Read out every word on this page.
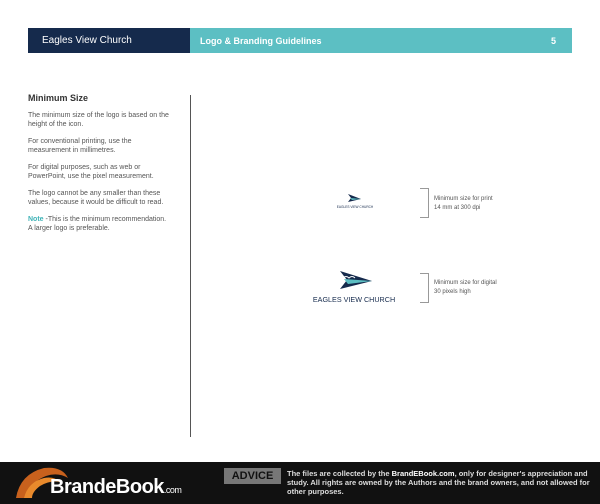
Eagles View Church	Logo & Branding Guidelines	5
Minimum Size

The minimum size of the logo is based on the height of the icon.

For conventional printing, use the measurement in millimetres.

For digital purposes, such as web or PowerPoint, use the pixel measurement.

The logo cannot be any smaller than these values, because it would be difficult to read.

Note -This is the minimum recommendation. A larger logo is preferable.

EAGLES VIEW CHURCH
EAGLES VIEW CHURCH
Minimum size for print
14 mm at 300 dpi
Minimum size for digital
30 pixels high
BrandeBook.com
ADVICE	The files are collected by the BrandEBook.com, only for designer's appreciation and study. All rights are owned by the Authors and the brand owners, and not allowed for other purposes.
